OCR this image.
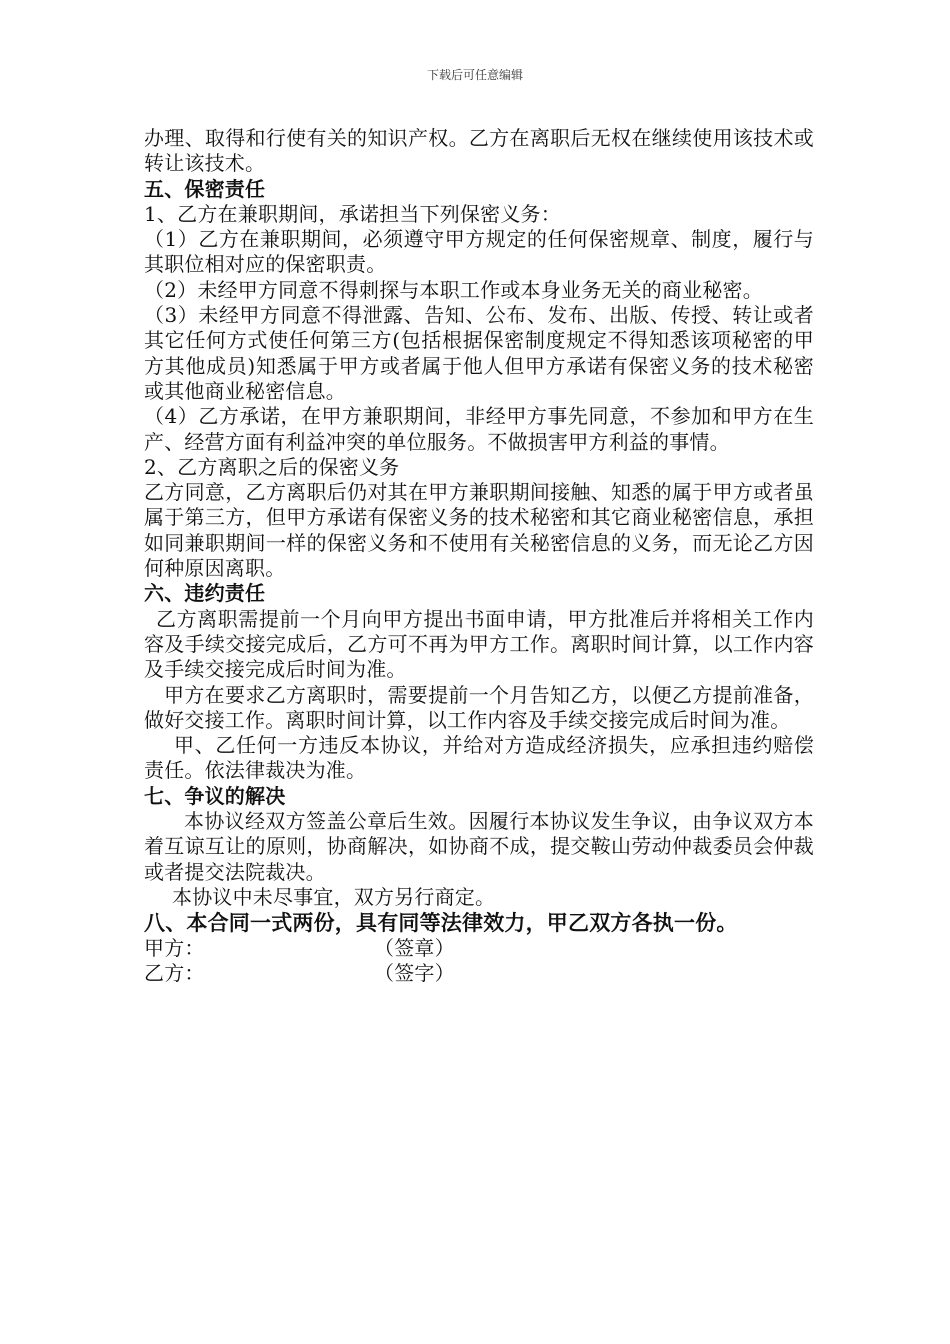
下载后可任意编辑

办理、取得和行使有关的知识产权。乙方在离职后无权在继续使用该技术或转让该技术。

五、保密责任

1、乙方在兼职期间，承诺担当下列保密义务：

（1）乙方在兼职期间，必须遵守甲方规定的任何保密规章、制度，履行与其职位相对应的保密职责。

（2）未经甲方同意不得刺探与本职工作或本身业务无关的商业秘密。

（3）未经甲方同意不得泄露、告知、公布、发布、出版、传授、转让或者其它任何方式使任何第三方(包括根据保密制度规定不得知悉该项秘密的甲方其他成员)知悉属于甲方或者属于他人但甲方承诺有保密义务的技术秘密或其他商业秘密信息。

（4）乙方承诺，在甲方兼职期间，非经甲方事先同意，不参加和甲方在生产、经营方面有利益冲突的单位服务。不做损害甲方利益的事情。

2、乙方离职之后的保密义务

乙方同意，乙方离职后仍对其在甲方兼职期间接触、知悉的属于甲方或者虽属于第三方，但甲方承诺有保密义务的技术秘密和其它商业秘密信息，承担如同兼职期间一样的保密义务和不使用有关秘密信息的义务，而无论乙方因何种原因离职。

六、违约责任

乙方离职需提前一个月向甲方提出书面申请，甲方批准后并将相关工作内容及手续交接完成后，乙方可不再为甲方工作。离职时间计算，以工作内容及手续交接完成后时间为准。

甲方在要求乙方离职时，需要提前一个月告知乙方，以便乙方提前准备，做好交接工作。离职时间计算，以工作内容及手续交接完成后时间为准。

甲、乙任何一方违反本协议，并给对方造成经济损失，应承担违约赔偿责任。依法律裁决为准。

七、争议的解决

本协议经双方签盖公章后生效。因履行本协议发生争议，由争议双方本着互谅互让的原则，协商解决，如协商不成，提交鞍山劳动仲裁委员会仲裁或者提交法院裁决。

本协议中未尽事宜，双方另行商定。

八、本合同一式两份，具有同等法律效力，甲乙双方各执一份。

甲方：	（签章）
乙方：	（签字）
